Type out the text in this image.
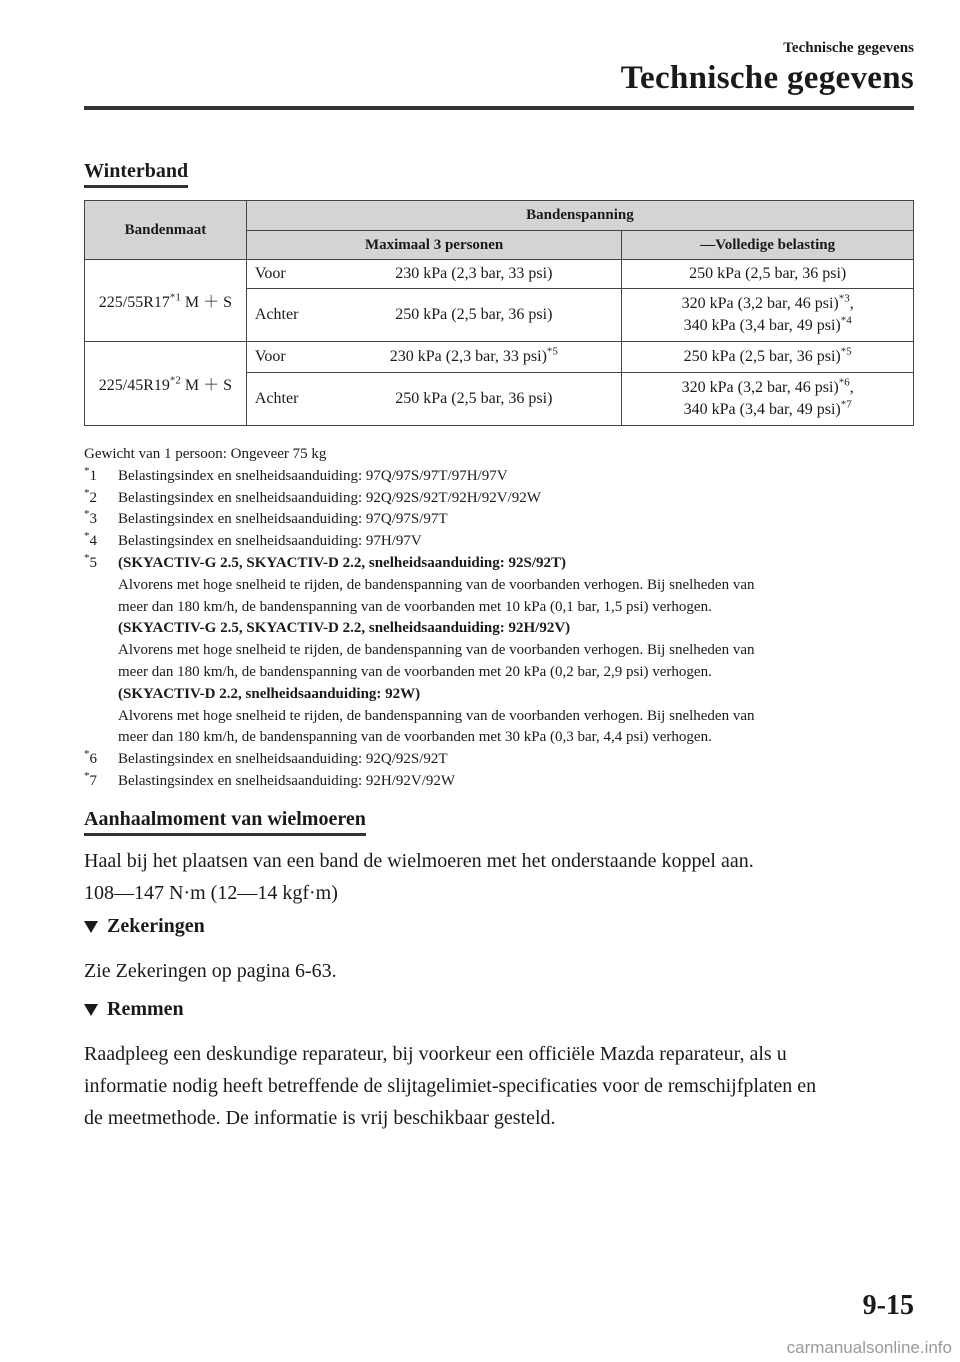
Technische gegevens
Technische gegevens
Winterband
Bandenmaat	Bandenspanning		
	Maximaal 3 personen		—Volledige belasting
225/55R17$^{*1}$ M ＋ S	Voor	230 kPa (2,3 bar, 33 psi)	250 kPa (2,5 bar, 36 psi)
	Achter	250 kPa (2,5 bar, 36 psi)	320 kPa (3,2 bar, 46 psi)$^{*3}$,
340 kPa (3,4 bar, 49 psi)$^{*4}$
225/45R19$^{*2}$ M ＋ S	Voor	230 kPa (2,3 bar, 33 psi)$^{*5}$	250 kPa (2,5 bar, 36 psi)$^{*5}$
	Achter	250 kPa (2,5 bar, 36 psi)	320 kPa (3,2 bar, 46 psi)$^{*6}$,
340 kPa (3,4 bar, 49 psi)$^{*7}$
Gewicht van 1 persoon: Ongeveer 75 kg
*1	Belastingsindex en snelheidsaanduiding: 97Q/97S/97T/97H/97V
*2	Belastingsindex en snelheidsaanduiding: 92Q/92S/92T/92H/92V/92W
*3	Belastingsindex en snelheidsaanduiding: 97Q/97S/97T
*4	Belastingsindex en snelheidsaanduiding: 97H/97V
*5	(SKYACTIV-G 2.5, SKYACTIV-D 2.2, snelheidsaanduiding: 92S/92T)
Alvorens met hoge snelheid te rijden, de bandenspanning van de voorbanden verhogen. Bij snelheden van
meer dan 180 km/h, de bandenspanning van de voorbanden met 10 kPa (0,1 bar, 1,5 psi) verhogen.
(SKYACTIV-G 2.5, SKYACTIV-D 2.2, snelheidsaanduiding: 92H/92V)
Alvorens met hoge snelheid te rijden, de bandenspanning van de voorbanden verhogen. Bij snelheden van
meer dan 180 km/h, de bandenspanning van de voorbanden met 20 kPa (0,2 bar, 2,9 psi) verhogen.
(SKYACTIV-D 2.2, snelheidsaanduiding: 92W)
Alvorens met hoge snelheid te rijden, de bandenspanning van de voorbanden verhogen. Bij snelheden van
meer dan 180 km/h, de bandenspanning van de voorbanden met 30 kPa (0,3 bar, 4,4 psi) verhogen.
*6	Belastingsindex en snelheidsaanduiding: 92Q/92S/92T
*7	Belastingsindex en snelheidsaanduiding: 92H/92V/92W
Aanhaalmoment van wielmoeren
Haal bij het plaatsen van een band de wielmoeren met het onderstaande koppel aan.
108—147 N·m (12—14 kgf·m)
Zekeringen
Zie Zekeringen op pagina 6-63.
Remmen
Raadpleeg een deskundige reparateur, bij voorkeur een officiële Mazda reparateur, als u
informatie nodig heeft betreffende de slijtagelimiet-specificaties voor de remschijfplaten en
de meetmethode. De informatie is vrij beschikbaar gesteld.
9-15
carmanualsonline.info
